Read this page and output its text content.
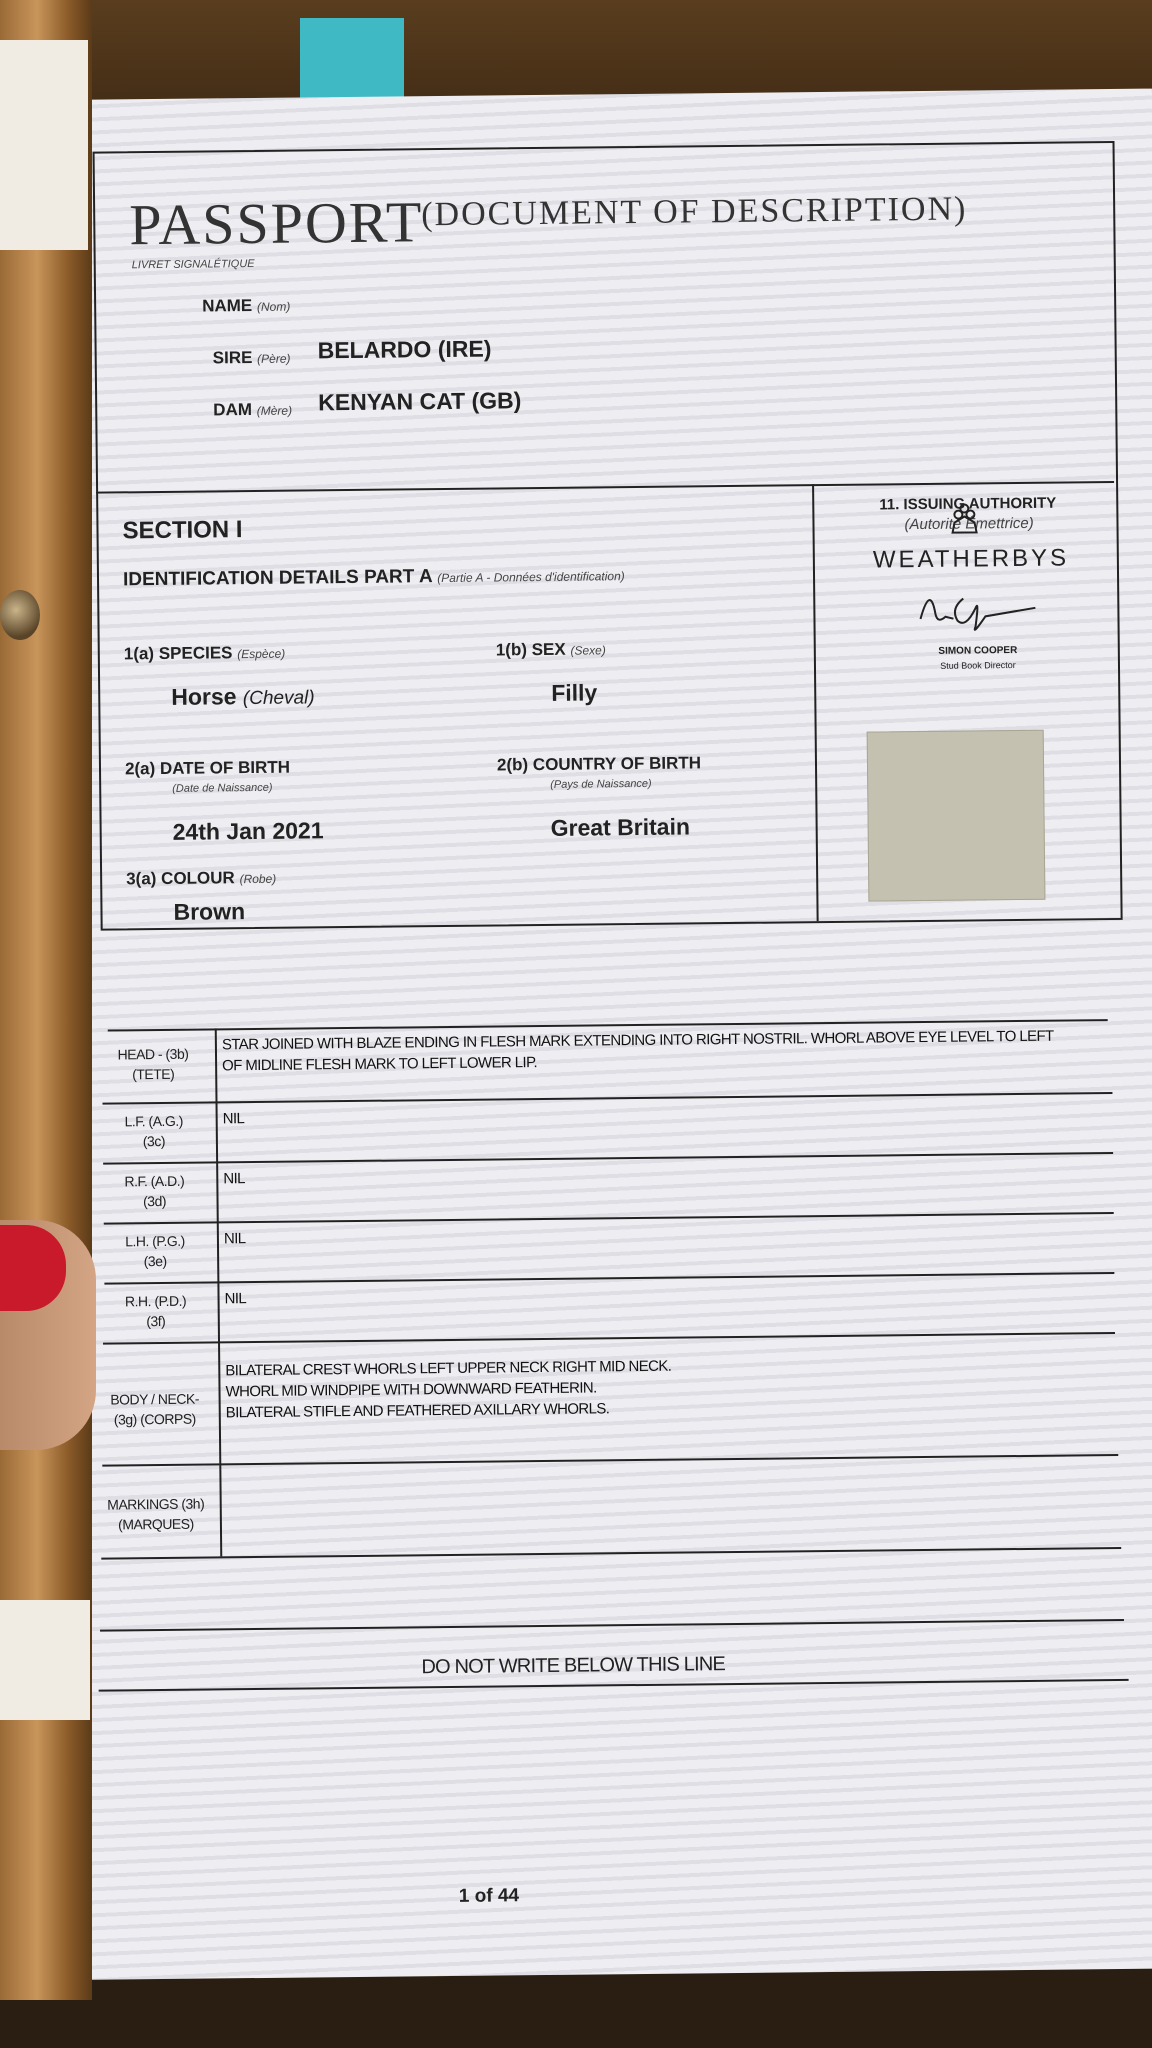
PASSPORT
(DOCUMENT OF DESCRIPTION)
LIVRET SIGNALÉTIQUE
NAME (Nom)
SIRE (Père) BELARDO (IRE)
DAM (Mère) KENYAN CAT (GB)
SECTION I
IDENTIFICATION DETAILS PART A (Partie A - Données d'identification)
1(a) SPECIES (Espèce)
Horse (Cheval)
1(b) SEX (Sexe)
Filly
2(a) DATE OF BIRTH
(Date de Naissance)
24th Jan 2021
2(b) COUNTRY OF BIRTH
(Pays de Naissance)
Great Britain
3(a) COLOUR (Robe)
Brown
11. ISSUING AUTHORITY
(Autorité Émettrice)
WEATHERBYS
SIMON COOPER
Stud Book Director
HEAD - (3b)
(TETE)
STAR JOINED WITH BLAZE ENDING IN FLESH MARK EXTENDING INTO RIGHT NOSTRIL. WHORL ABOVE EYE LEVEL TO LEFT
OF MIDLINE FLESH MARK TO LEFT LOWER LIP.
L.F. (A.G.)
(3c)
NIL
R.F. (A.D.)
(3d)
NIL
L.H. (P.G.)
(3e)
NIL
R.H. (P.D.)
(3f)
NIL
BODY / NECK-
(3g) (CORPS)
BILATERAL CREST WHORLS LEFT UPPER NECK RIGHT MID NECK.
WHORL MID WINDPIPE WITH DOWNWARD FEATHERIN.
BILATERAL STIFLE AND FEATHERED AXILLARY WHORLS.
MARKINGS (3h)
(MARQUES)
DO NOT WRITE BELOW THIS LINE
1 of 44
